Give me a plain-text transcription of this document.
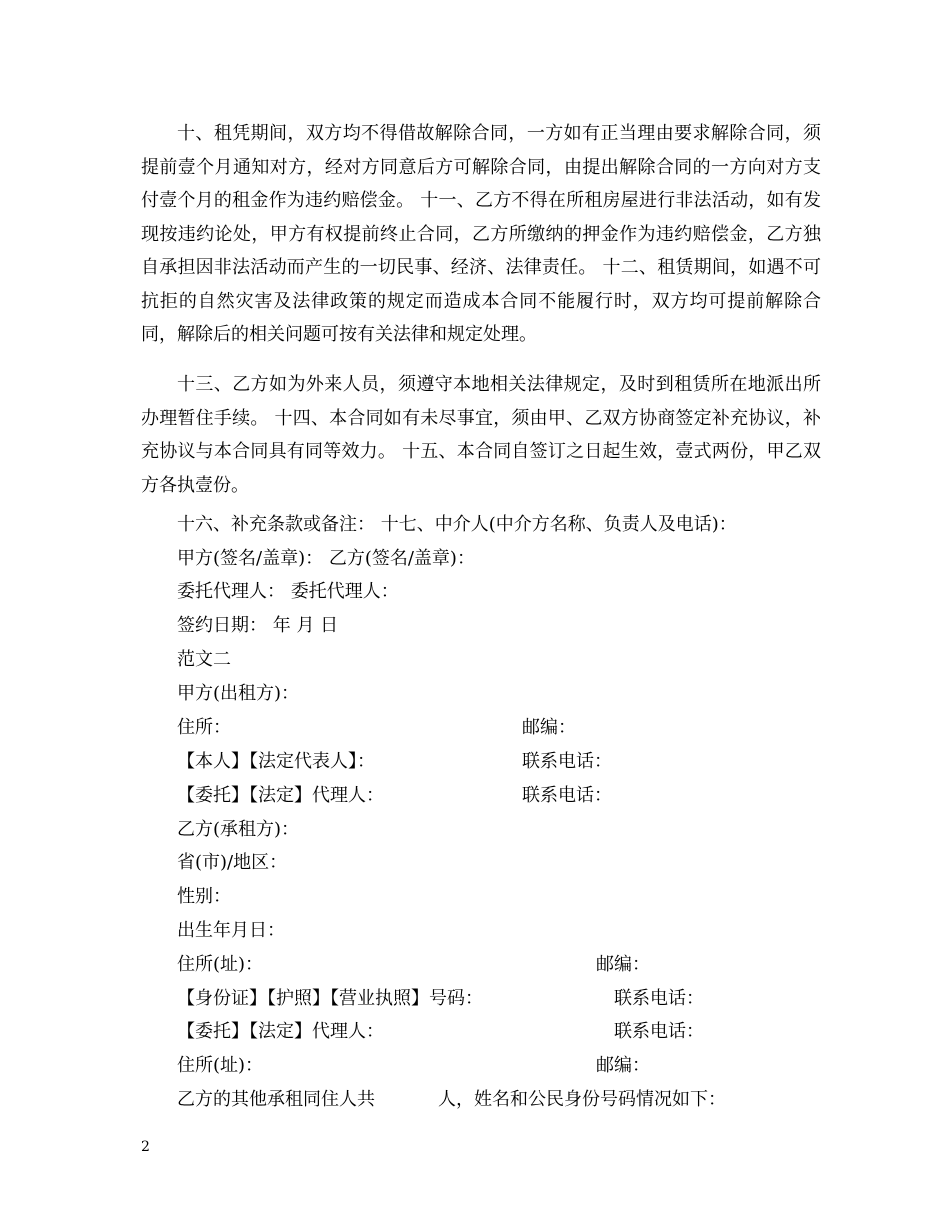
十、租凭期间，双方均不得借故解除合同，一方如有正当理由要求解除合同，须提前壹个月通知对方，经对方同意后方可解除合同，由提出解除合同的一方向对方支付壹个月的租金作为违约赔偿金。 十一、乙方不得在所租房屋进行非法活动，如有发现按违约论处，甲方有权提前终止合同，乙方所缴纳的押金作为违约赔偿金，乙方独自承担因非法活动而产生的一切民事、经济、法律责任。 十二、租赁期间，如遇不可抗拒的自然灾害及法律政策的规定而造成本合同不能履行时，双方均可提前解除合同，解除后的相关问题可按有关法律和规定处理。

十三、乙方如为外来人员，须遵守本地相关法律规定，及时到租赁所在地派出所办理暂住手续。 十四、本合同如有未尽事宜，须由甲、乙双方协商签定补充协议，补充协议与本合同具有同等效力。 十五、本合同自签订之日起生效，壹式两份，甲乙双方各执壹份。

十六、补充条款或备注： 十七、中介人(中介方名称、负责人及电话)：
甲方(签名/盖章)： 乙方(签名/盖章)：
委托代理人： 委托代理人：
签约日期： 年 月 日
范文二
甲方(出租方)：
住所：	邮编：
【本人】【法定代表人】：	联系电话：
【委托】【法定】代理人：	联系电话：
乙方(承租方)：
省(市)/地区：
性别：
出生年月日：
住所(址)：	邮编：
【身份证】【护照】【营业执照】号码：	联系电话：
【委托】【法定】代理人：	联系电话：
住所(址)：	邮编：
乙方的其他承租同住人共	人，姓名和公民身份号码情况如下：
2
